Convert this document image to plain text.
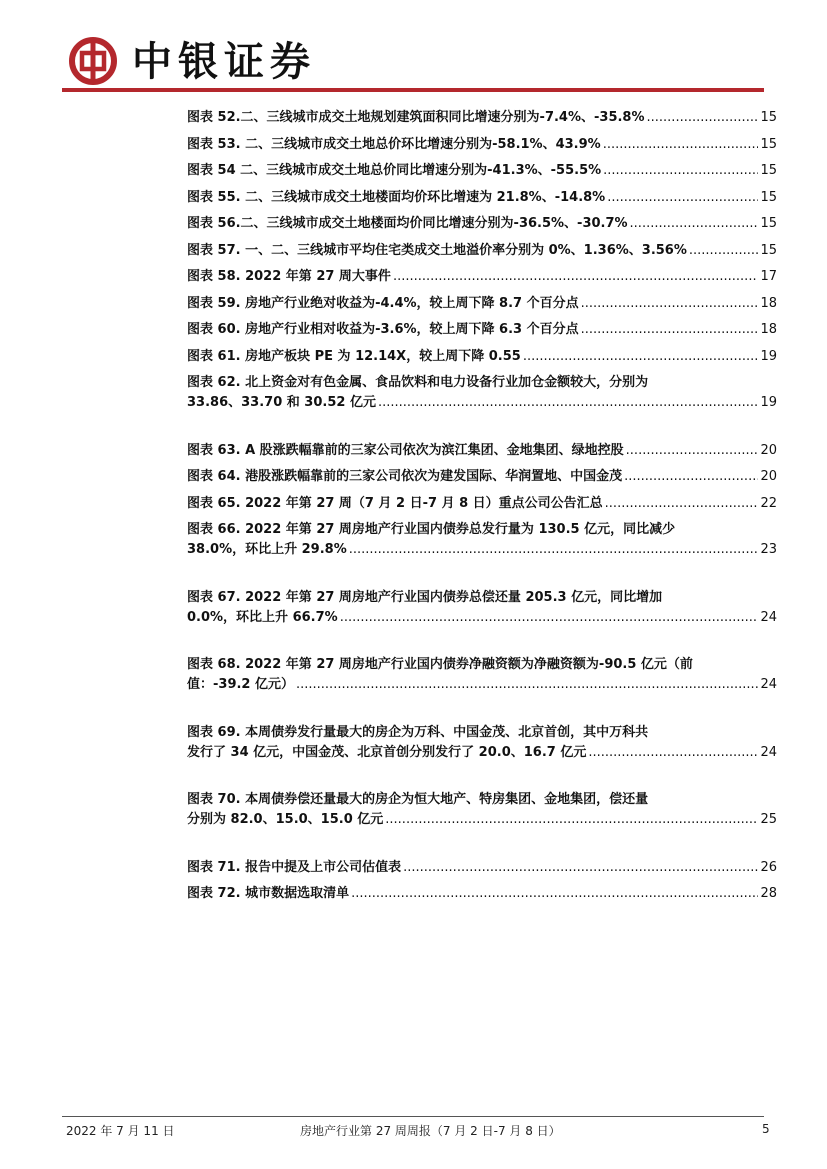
中银证券
图表 52.二、三线城市成交土地规划建筑面积同比增速分别为-7.4%、-35.8% .....	15
图表 53. 二、三线城市成交土地总价环比增速分别为-58.1%、43.9% .....	15
图表 54 二、三线城市成交土地总价同比增速分别为-41.3%、-55.5% .....	15
图表 55. 二、三线城市成交土地楼面均价环比增速为 21.8%、-14.8% .....	15
图表 56.二、三线城市成交土地楼面均价同比增速分别为-36.5%、-30.7% .....	15
图表 57. 一、二、三线城市平均住宅类成交土地溢价率分别为 0%、1.36%、3.56% .....	15
图表 58. 2022 年第 27 周大事件 .....	17
图表 59. 房地产行业绝对收益为-4.4%，较上周下降 8.7 个百分点 .....	18
图表 60. 房地产行业相对收益为-3.6%，较上周下降 6.3 个百分点 .....	18
图表 61. 房地产板块 PE 为 12.14X，较上周下降 0.55 .....	19
图表 62. 北上资金对有色金属、食品饮料和电力设备行业加仓金额较大，分别为
33.86、33.70 和 30.52 亿元 .....	19
图表 63. A 股涨跌幅靠前的三家公司依次为滨江集团、金地集团、绿地控股 .....	20
图表 64. 港股涨跌幅靠前的三家公司依次为建发国际、华润置地、中国金茂 .....	20
图表 65. 2022 年第 27 周（7 月 2 日-7 月 8 日）重点公司公告汇总 .....	22
图表 66. 2022 年第 27 周房地产行业国内债券总发行量为 130.5 亿元，同比减少
38.0%，环比上升 29.8% .....	23
图表 67. 2022 年第 27 周房地产行业国内债券总偿还量 205.3 亿元，同比增加
0.0%，环比上升 66.7% .....	24
图表 68. 2022 年第 27 周房地产行业国内债券净融资额为净融资额为-90.5 亿元（前
值：-39.2 亿元） .....	24
图表 69. 本周债券发行量最大的房企为万科、中国金茂、北京首创，其中万科共
发行了 34 亿元，中国金茂、北京首创分别发行了 20.0、16.7 亿元 .....	24
图表 70. 本周债券偿还量最大的房企为恒大地产、特房集团、金地集团，偿还量
分别为 82.0、15.0、15.0 亿元 .....	25
图表 71. 报告中提及上市公司估值表 .....	26
图表 72. 城市数据选取清单 .....	28
2022 年 7 月 11 日	房地产行业第 27 周周报（7 月 2 日-7 月 8 日）	5
